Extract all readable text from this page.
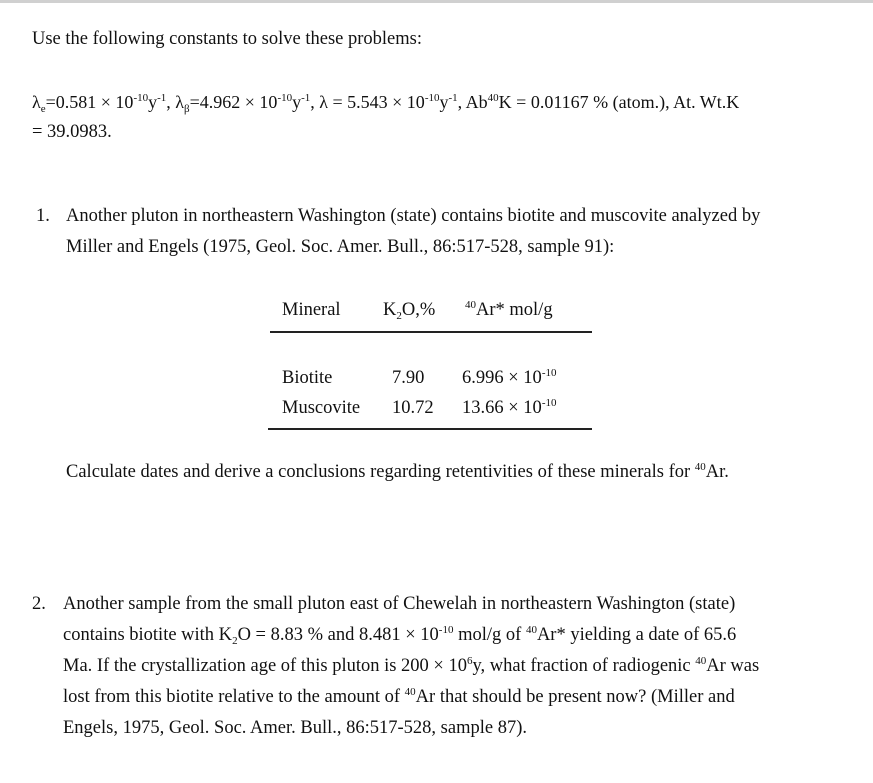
Use the following constants to solve these problems:
$\lambda_e=0.581 \times 10^{-10}y^{-1}$, $\lambda_\beta=4.962 \times 10^{-10}y^{-1}$, $\lambda = 5.543 \times 10^{-10}y^{-1}$, $Ab^{40}K = 0.01167$ % (atom.), At. Wt.K
= 39.0983.
1. Another pluton in northeastern Washington (state) contains biotite and muscovite analyzed by
Miller and Engels (1975, Geol. Soc. Amer. Bull., 86:517-528, sample 91):
Mineral $K_2O,\%$	$^{40}$Ar* mol/g
Biotite	7.90 $6.996 \times 10^{-10}$
Muscovite 10.72 $13.66 \times 10^{-10}$
Calculate dates and derive a conclusions regarding retentivities of these minerals for $^{40}$Ar.
2. Another sample from the small pluton east of Chewelah in northeastern Washington (state)
contains biotite with $K_2O = 8.83$ % and $8.481 \times 10^{-10}$ mol/g of $^{40}$Ar* yielding a date of 65.6
Ma. If the crystallization age of this pluton is $200 \times 10^6y$, what fraction of radiogenic $^{40}$Ar was
lost from this biotite relative to the amount of $^{40}$Ar that should be present now? (Miller and
Engels, 1975, Geol. Soc. Amer. Bull., 86:517-528, sample 87).
